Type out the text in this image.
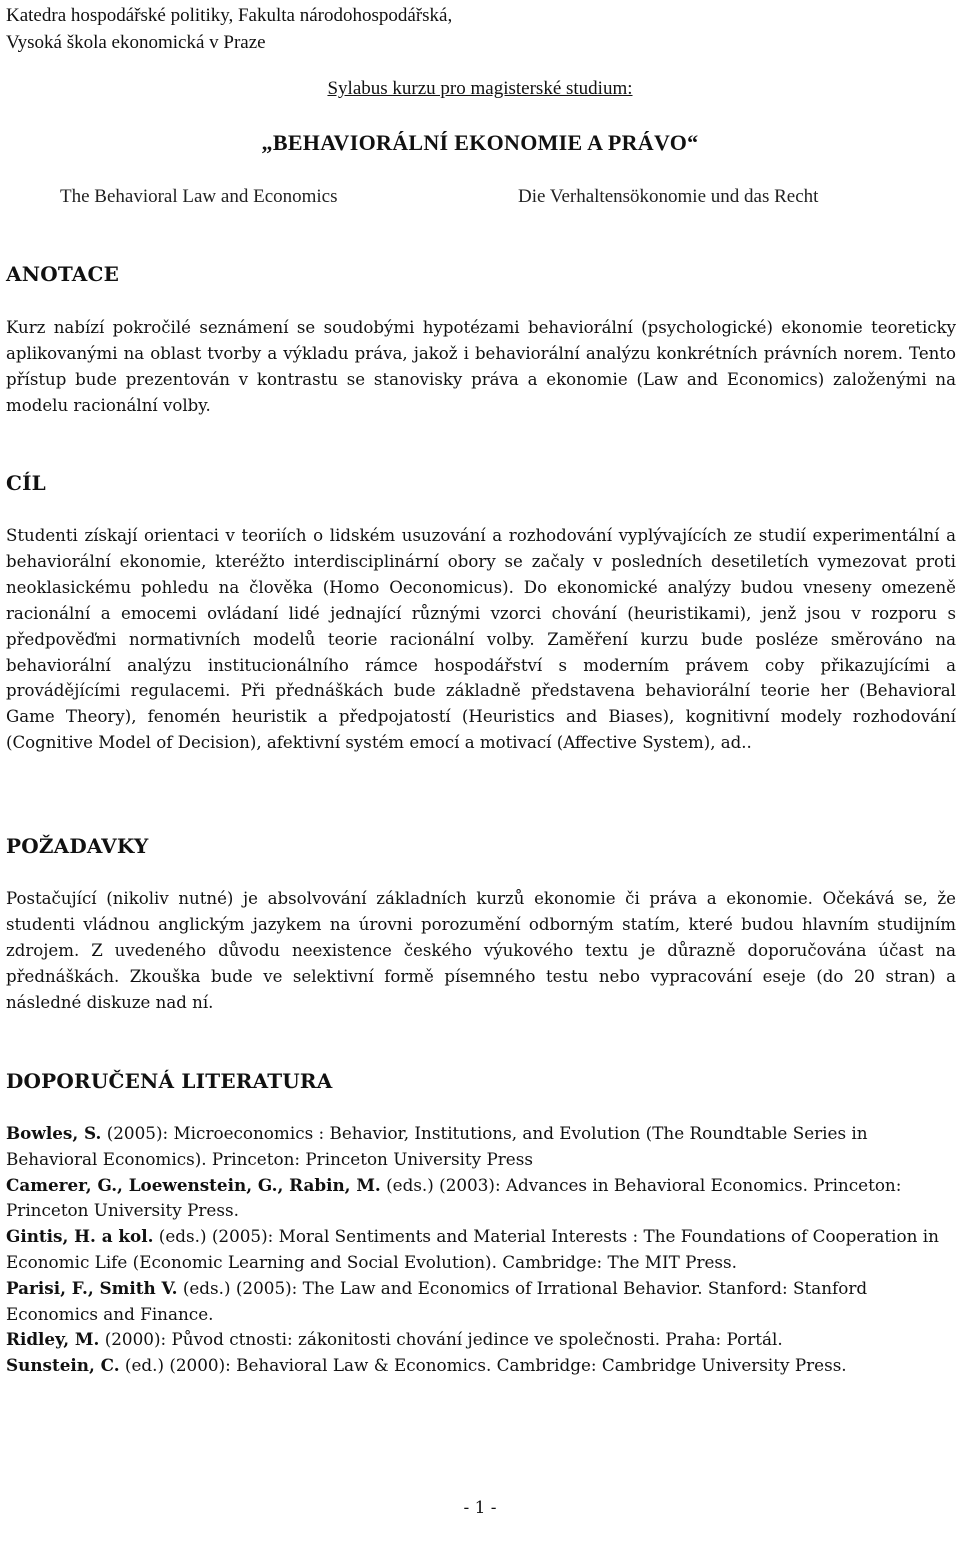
Katedra hospodářské politiky, Fakulta národohospodářská,
Vysoká škola ekonomická v Praze
Sylabus kurzu pro magisterské studium:
„BEHAVIORÁLNÍ EKONOMIE A PRÁVO“
The Behavioral Law and Economics	Die Verhaltensökonomie und das Recht
ANOTACE
Kurz nabízí pokročilé seznámení se soudobými hypotézami behaviorální (psychologické) ekonomie teoreticky aplikovanými na oblast tvorby a výkladu práva, jakož i behaviorální analýzu konkrétních právních norem. Tento přístup bude prezentován v kontrastu se stanovisky práva a ekonomie (Law and Economics) založenými na modelu racionální volby.
CÍL
Studenti získají orientaci v teoriích o lidském usuzování a rozhodování vyplývajících ze studií experimentální a behaviorální ekonomie, kteréžto interdisciplinární obory se začaly v posledních desetiletích vymezovat proti neoklasickému pohledu na člověka (Homo Oeconomicus). Do ekonomické analýzy budou vneseny omezeně racionální a emocemi ovládaní lidé jednající různými vzorci chování (heuristikami), jenž jsou v rozporu s předpověďmi normativních modelů teorie racionální volby. Zaměření kurzu bude posléze směrováno na behaviorální analýzu institucionálního rámce hospodářství s moderním právem coby přikazujícími a provádějícími regulacemi. Při přednáškách bude základně představena behaviorální teorie her (Behavioral Game Theory), fenomén heuristik a předpojatostí (Heuristics and Biases), kognitivní modely rozhodování (Cognitive Model of Decision), afektivní systém emocí a motivací (Affective System), ad..
POŽADAVKY
Postačující (nikoliv nutné) je absolvování základních kurzů ekonomie či práva a ekonomie. Očekává se, že studenti vládnou anglickým jazykem na úrovni porozumění odborným statím, které budou hlavním studijním zdrojem. Z uvedeného důvodu neexistence českého výukového textu je důrazně doporučována účast na přednáškách. Zkouška bude ve selektivní formě písemného testu nebo vypracování eseje (do 20 stran) a následné diskuze nad ní.
DOPORUČENÁ LITERATURA

Bowles, S. (2005): Microeconomics : Behavior, Institutions, and Evolution (The Roundtable Series in Behavioral Economics). Princeton: Princeton University Press

Camerer, G., Loewenstein, G., Rabin, M. (eds.) (2003): Advances in Behavioral Economics. Princeton: Princeton University Press.

Gintis, H. a kol. (eds.) (2005): Moral Sentiments and Material Interests : The Foundations of Cooperation in Economic Life (Economic Learning and Social Evolution). Cambridge: The MIT Press.

Parisi, F., Smith V. (eds.) (2005): The Law and Economics of Irrational Behavior. Stanford: Stanford Economics and Finance.

Ridley, M. (2000): Původ ctnosti: zákonitosti chování jedince ve společnosti. Praha: Portál.

Sunstein, C. (ed.) (2000): Behavioral Law & Economics. Cambridge: Cambridge University Press.

- 1 -
